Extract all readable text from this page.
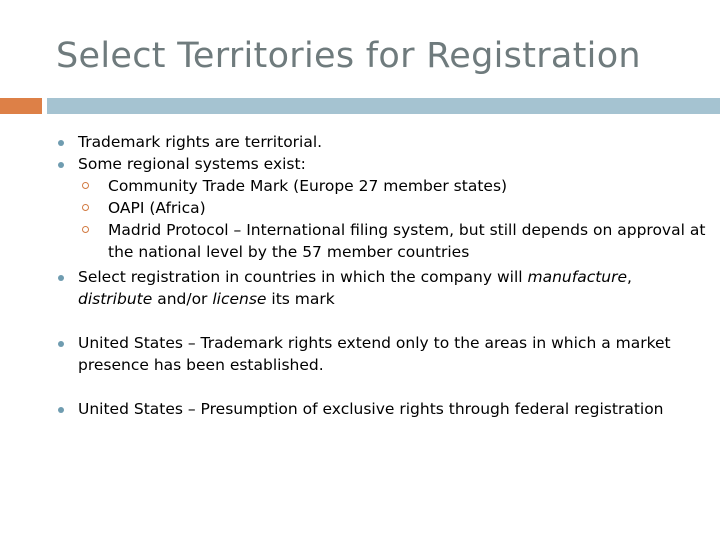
Select Territories for Registration
Trademark rights are territorial.
Some regional systems exist:
Community Trade Mark (Europe 27 member states)
OAPI (Africa)
Madrid Protocol – International filing system, but still depends on approval at the national level by the 57 member countries
Select registration in countries in which the company will manufacture, distribute and/or license its mark
United States – Trademark rights extend only to the areas in which a market presence has been established.
United States – Presumption of exclusive rights through federal registration
